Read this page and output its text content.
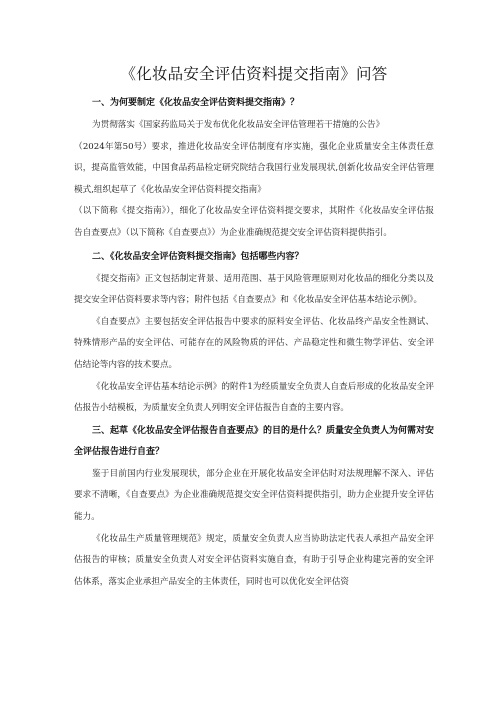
《化妆品安全评估资料提交指南》问答
一、为何要制定《化妆品安全评估资料提交指南》？
为贯彻落实《国家药监局关于发布优化化妆品安全评估管理若干措施的公告》
（2024年第50号）要求，推进化妆品安全评估制度有序实施，强化企业质量安全主体责任意识，提高监管效能，中国食品药品检定研究院结合我国行业发展现状,创新化妆品安全评估管理模式,组织起草了《化妆品安全评估资料提交指南》
（以下简称《提交指南》），细化了化妆品安全评估资料提交要求，其附件《化妆品安全评估报告自查要点》（以下简称《自查要点》）为企业准确规范提交安全评估资料提供指引。
二、《化妆品安全评估资料提交指南》包括哪些内容？
《提交指南》正文包括制定背景、适用范围、基于风险管理原则对化妆品的细化分类以及提交安全评估资料要求等内容；附件包括《自查要点》和《化妆品安全评估基本结论示例》。
《自查要点》主要包括安全评估报告中要求的原料安全评估、化妆品终产品安全性测试、特殊情形产品的安全评估、可能存在的风险物质的评估、产品稳定性和微生物学评估、安全评估结论等内容的技术要点。
《化妆品安全评估基本结论示例》的附件1为经质量安全负责人自查后形成的化妆品安全评估报告小结模板，为质量安全负责人列明安全评估报告自查的主要内容。
三、起草《化妆品安全评估报告自查要点》的目的是什么？质量安全负责人为何需对安全评估报告进行自查？
鉴于目前国内行业发展现状，部分企业在开展化妆品安全评估时对法规理解不深入、评估要求不清晰，《自查要点》为企业准确规范提交安全评估资料提供指引，助力企业提升安全评估能力。
《化妆品生产质量管理规范》规定，质量安全负责人应当协助法定代表人承担产品安全评估报告的审核；质量安全负责人对安全评估资料实施自查，有助于引导企业构建完善的安全评估体系，落实企业承担产品安全的主体责任，同时也可以优化安全评估资
